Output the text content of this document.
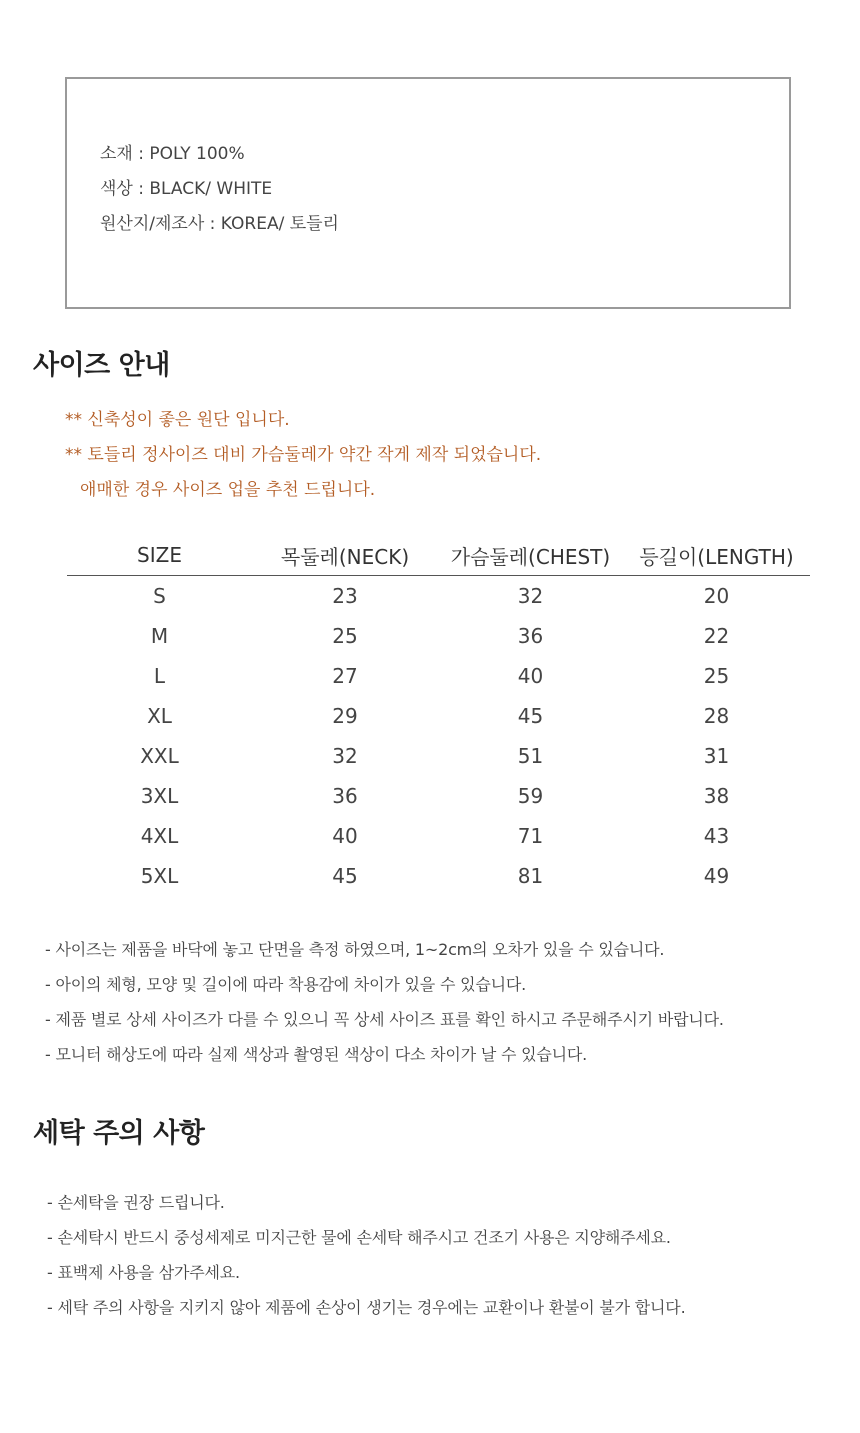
소재 : POLY 100%
색상 : BLACK/ WHITE
원산지/제조사 : KOREA/ 토들리
사이즈 안내
** 신축성이 좋은 원단 입니다.
** 토들리 정사이즈 대비 가슴둘레가 약간 작게 제작 되었습니다.
애매한 경우 사이즈 업을 추천 드립니다.
SIZE	목둘레(NECK)	가슴둘레(CHEST)	등길이(LENGTH)
S	23	32	20
M	25	36	22
L	27	40	25
XL	29	45	28
XXL	32	51	31
3XL	36	59	38
4XL	40	71	43
5XL	45	81	49
- 사이즈는 제품을 바닥에 놓고 단면을 측정 하였으며, 1~2cm의 오차가 있을 수 있습니다.
- 아이의 체형, 모양 및 길이에 따라 착용감에 차이가 있을 수 있습니다.
- 제품 별로 상세 사이즈가 다를 수 있으니 꼭 상세 사이즈 표를 확인 하시고 주문해주시기 바랍니다.
- 모니터 해상도에 따라 실제 색상과 촬영된 색상이 다소 차이가 날 수 있습니다.
세탁 주의 사항
- 손세탁을 권장 드립니다.
- 손세탁시 반드시 중성세제로 미지근한 물에 손세탁 해주시고 건조기 사용은 지양해주세요.
- 표백제 사용을 삼가주세요.
- 세탁 주의 사항을 지키지 않아 제품에 손상이 생기는 경우에는 교환이나 환불이 불가 합니다.
